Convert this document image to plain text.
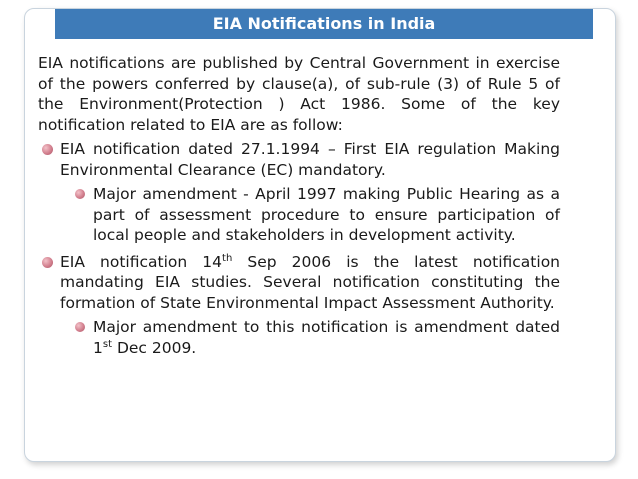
EIA Notifications in India

EIA notifications are published by Central Government in exercise of the powers conferred by clause(a), of sub-rule (3) of Rule 5 of the Environment(Protection ) Act 1986. Some of the key notification related to EIA are as follow:

EIA notification dated 27.1.1994 – First EIA regulation Making Environmental Clearance (EC) mandatory.
Major amendment - April 1997 making Public Hearing as a part of assessment procedure to ensure participation of local people and stakeholders in development activity.
EIA notification 14th Sep 2006 is the latest notification mandating EIA studies. Several notification constituting the formation of State Environmental Impact Assessment Authority.
Major amendment to this notification is amendment dated 1st Dec 2009.
